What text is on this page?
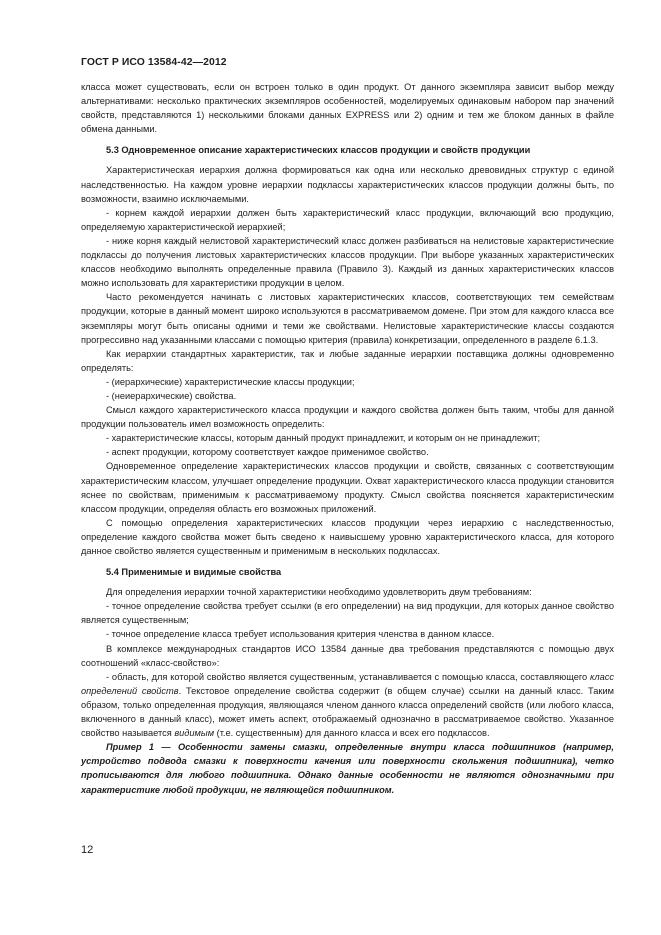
ГОСТ Р ИСО 13584-42—2012

класса может существовать, если он встроен только в один продукт. От данного экземпляра зависит выбор между альтернативами: несколько практических экземпляров особенностей, моделируемых одинаковым набором пар значений свойств, представляются 1) несколькими блоками данных EXPRESS или 2) одним и тем же блоком данных в файле обмена данными.

5.3 Одновременное описание характеристических классов продукции и свойств продукции

Характеристическая иерархия должна формироваться как одна или несколько древовидных структур с единой наследственностью. На каждом уровне иерархии подклассы характеристических классов продукции должны быть, по возможности, взаимно исключаемыми.

- корнем каждой иерархии должен быть характеристический класс продукции, включающий всю продукцию, определяемую характеристической иерархией;

- ниже корня каждый нелистовой характеристический класс должен разбиваться на нелистовые характеристические подклассы до получения листовых характеристических классов продукции. При выборе указанных характеристических классов необходимо выполнять определенные правила (Правило 3). Каждый из данных характеристических классов можно использовать для характеристики продукции в целом.

Часто рекомендуется начинать с листовых характеристических классов, соответствующих тем семействам продукции, которые в данный момент широко используются в рассматриваемом домене. При этом для каждого класса все экземпляры могут быть описаны одними и теми же свойствами. Нелистовые характеристические классы создаются прогрессивно над указанными классами с помощью критерия (правила) конкретизации, определенного в разделе 6.1.3.

Как иерархии стандартных характеристик, так и любые заданные иерархии поставщика должны одновременно определять:

- (иерархические) характеристические классы продукции;

- (неиерархические) свойства.

Смысл каждого характеристического класса продукции и каждого свойства должен быть таким, чтобы для данной продукции пользователь имел возможность определить:

- характеристические классы, которым данный продукт принадлежит, и которым он не принадлежит;

- аспект продукции, которому соответствует каждое применимое свойство.

Одновременное определение характеристических классов продукции и свойств, связанных с соответствующим характеристическим классом, улучшает определение продукции. Охват характеристического класса продукции становится яснее по свойствам, применимым к рассматриваемому продукту. Смысл свойства поясняется характеристическим классом продукции, определяя область его возможных приложений.

С помощью определения характеристических классов продукции через иерархию с наследственностью, определение каждого свойства может быть сведено к наивысшему уровню характеристического класса, для которого данное свойство является существенным и применимым в нескольких подклассах.

5.4 Применимые и видимые свойства

Для определения иерархии точной характеристики необходимо удовлетворить двум требованиям:

- точное определение свойства требует ссылки (в его определении) на вид продукции, для которых данное свойство является существенным;

- точное определение класса требует использования критерия членства в данном классе.

В комплексе международных стандартов ИСО 13584 данные два требования представляются с помощью двух соотношений «класс-свойство»:

- область, для которой свойство является существенным, устанавливается с помощью класса, составляющего класс определений свойств. Текстовое определение свойства содержит (в общем случае) ссылки на данный класс. Таким образом, только определенная продукция, являющаяся членом данного класса определений свойств (или любого класса, включенного в данный класс), может иметь аспект, отображаемый однозначно в рассматриваемое свойство. Указанное свойство называется видимым (т.е. существенным) для данного класса и всех его подклассов.

Пример 1 — Особенности замены смазки, определенные внутри класса подшипников (например, устройство подвода смазки к поверхности качения или поверхности скольжения подшипника), четко прописываются для любого подшипника. Однако данные особенности не являются однозначными при характеристике любой продукции, не являющейся подшипником.

12
